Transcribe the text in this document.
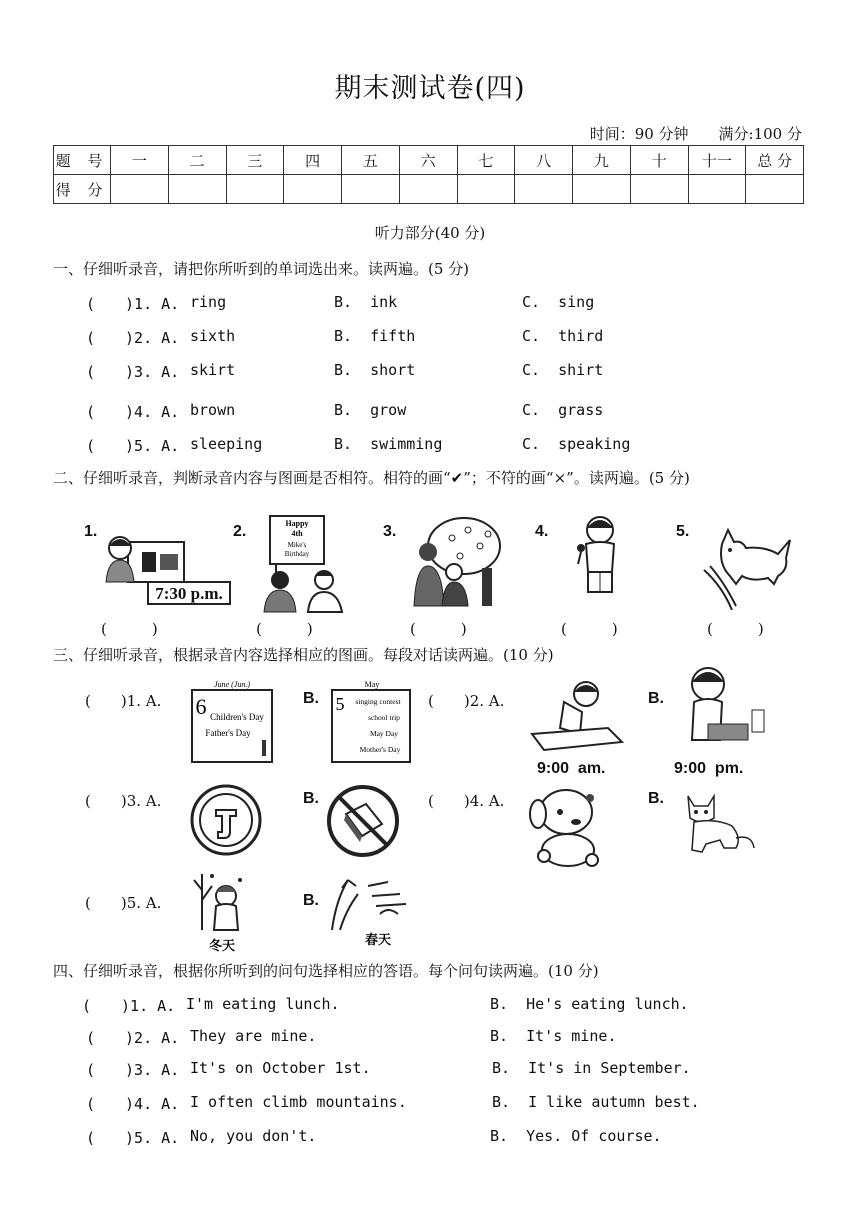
期末测试卷(四)
时间：90 分钟　　满分:100 分
题 号	一	二	三	四	五	六	七	八	九	十	十一	总 分
得 分												
听力部分(40 分)
一、仔细听录音，请把你所听到的单词选出来。读两遍。(5 分)
(　　)1. A. ring	B.  ink	C.  sing
(　　)2. A. sixth	B.  fifth	C.  third
(　　)3. A. skirt	B.  short	C.  shirt
(　　)4. A. brown	B.  grow	C.  grass
(　　)5. A. sleeping	B.  swimming	C.  speaking
二、仔细听录音，判断录音内容与图画是否相符。相符的画“✔”；不符的画“×”。读两遍。(5 分)
1.	2.	3.	4.	5.
7:30 p.m.
Happy
4th
Mike's
Birthday
(　　　)	(　　　)	(　　　)	(　　　)	(　　　)
三、仔细听录音，根据录音内容选择相应的图画。每段对话读两遍。(10 分)
(　　)1. A.
June (Jun.)
6 Children's Day
Father's Day
B.
May
5 singing contest
school trip
May Day
Mother's Day
(　　)2. A.
9:00  am.
B.
9:00  pm.
(　　)3. A.	B.	(　　)4. A.	B.
(　　)5. A.
冬天
B.
春天
四、仔细听录音，根据你所听到的问句选择相应的答语。每个问句读两遍。(10 分)
(　　)1. A. I'm eating lunch.	B.  He's eating lunch.
(　　)2. A. They are mine.	B.  It's mine.
(　　)3. A. It's on October 1st.	B.  It's in September.
(　　)4. A. I often climb mountains.	B.  I like autumn best.
(　　)5. A. No, you don't.	B.  Yes. Of course.
